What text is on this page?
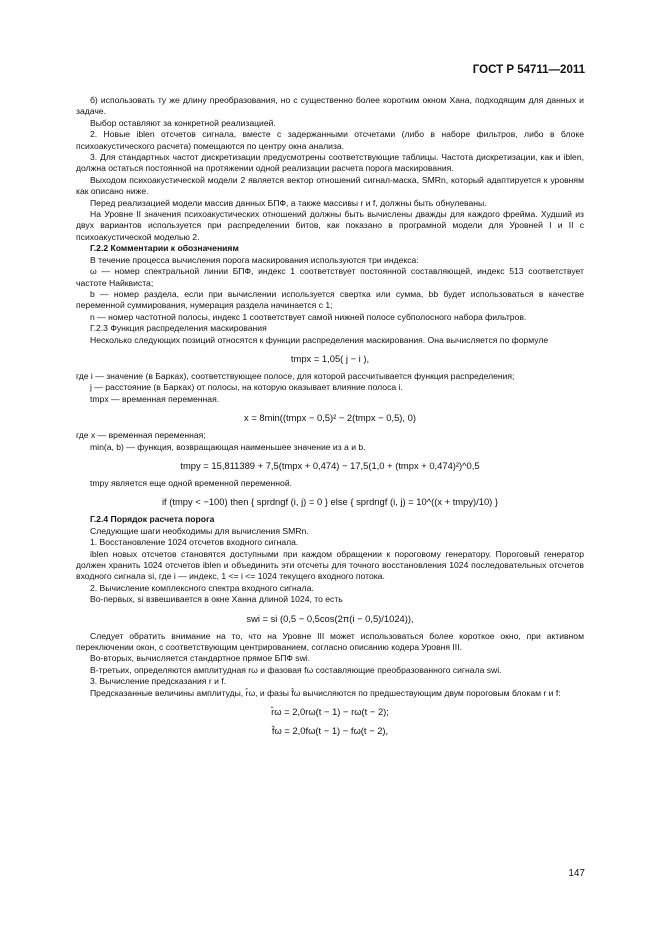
ГОСТ Р 54711—2011

б) использовать ту же длину преобразования, но с существенно более коротким окном Хана, подходящим для данных и задаче.

Выбор оставляют за конкретной реализацией.

2. Новые iblen отсчетов сигнала, вместе с задержанными отсчетами (либо в наборе фильтров, либо в блоке психоакустического расчета) помещаются по центру окна анализа.

3. Для стандартных частот дискретизации предусмотрены соответствующие таблицы. Частота дискретизации, как и iblen, должна остаться постоянной на протяжении одной реализации расчета порога маскирования.

Выходом психоакустической модели 2 является вектор отношений сигнал-маска, SMRn, который адаптируется к уровням как описано ниже.

Перед реализацией модели массив данных БПФ, а также массивы r и f, должны быть обнулеваны.

На Уровне II значения психоакустических отношений должны быть вычислены дважды для каждого фрейма. Худший из двух вариантов используется при распределении битов, как показано в програмной модели для Уровней I и II с психоакустической моделью 2.

Г.2.2 Комментарии к обозначениям

В течение процесса вычисления порога маскирования используются три индекса:

ω — номер спектральной линии БПФ, индекс 1 соответствует постоянной составляющей, индекс 513 соответствует частоте Найквиста;

b — номер раздела, если при вычислении используется свертка или сумма, bb будет использоваться в качестве переменной суммирования, нумерация раздела начинается с 1;

n — номер частотной полосы, индекс 1 соответствует самой нижней полосе субполосного набора фильтров.

Г.2.3 Функция распределения маскирования

Несколько следующих позиций относятся к функции распределения маскирования. Она вычисляется по формуле

tmpx = 1,05( j − i ),

где i — значение (в Барках), соответствующее полосе, для которой рассчитывается функция распределения;

j — расстояние (в Барках) от полосы, на которую оказывает влияние полоса i.

tmpx — временная переменная.

x = 8min((tmpx − 0,5)² − 2(tmpx − 0,5), 0)

где x — временная переменная;

min(a, b) — функция, возвращающая наименьшее значение из a и b.

tmpy = 15,811389 + 7,5(tmpx + 0,474) − 17,5(1,0 + (tmpx + 0,474)²)^0,5

tmpy является еще одной временной переменной.

if (tmpy < −100) then { sprdngf (i, j) = 0 } else { sprdngf (i, j) = 10^((x + tmpy)/10) }

Г.2.4 Порядок расчета порога

Следующие шаги необходимы для вычисления SMRn.

1. Восстановление 1024 отсчетов входного сигнала.

iblen новых отсчетов становятся доступными при каждом обращении к пороговому генератору. Пороговый генератор должен хранить 1024 отсчетов iblen и объединить эти отсчеты для точного восстановления 1024 последовательных отсчетов входного сигнала si, где i — индекс, 1 <= i <= 1024 текущего входного потока.

2. Вычисление комплексного спектра входного сигнала.

Во-первых, si взвешивается в окне Ханна длиной 1024, то есть

swi = si (0,5 − 0,5cos(2π(i − 0,5)/1024)),

Следует обратить внимание на то, что на Уровне III может использоваться более короткое окно, при активном переключении окон, с соответствующим центрированием, согласно описанию кодера Уровня III.

Во-вторых, вычисляется стандартное прямое БПФ swi.

В-третьих, определяются амплитудная rω и фазовая fω составляющие преобразованного сигнала swi.

3. Вычисление предсказания r и f.

Предсказанные величины амплитуды, r̂ω, и фазы f̂ω вычисляются по предшествующим двум пороговым блокам r и f:

r̂ω = 2,0rω(t − 1) − rω(t − 2);

f̂ω = 2,0fω(t − 1) − fω(t − 2),

147
